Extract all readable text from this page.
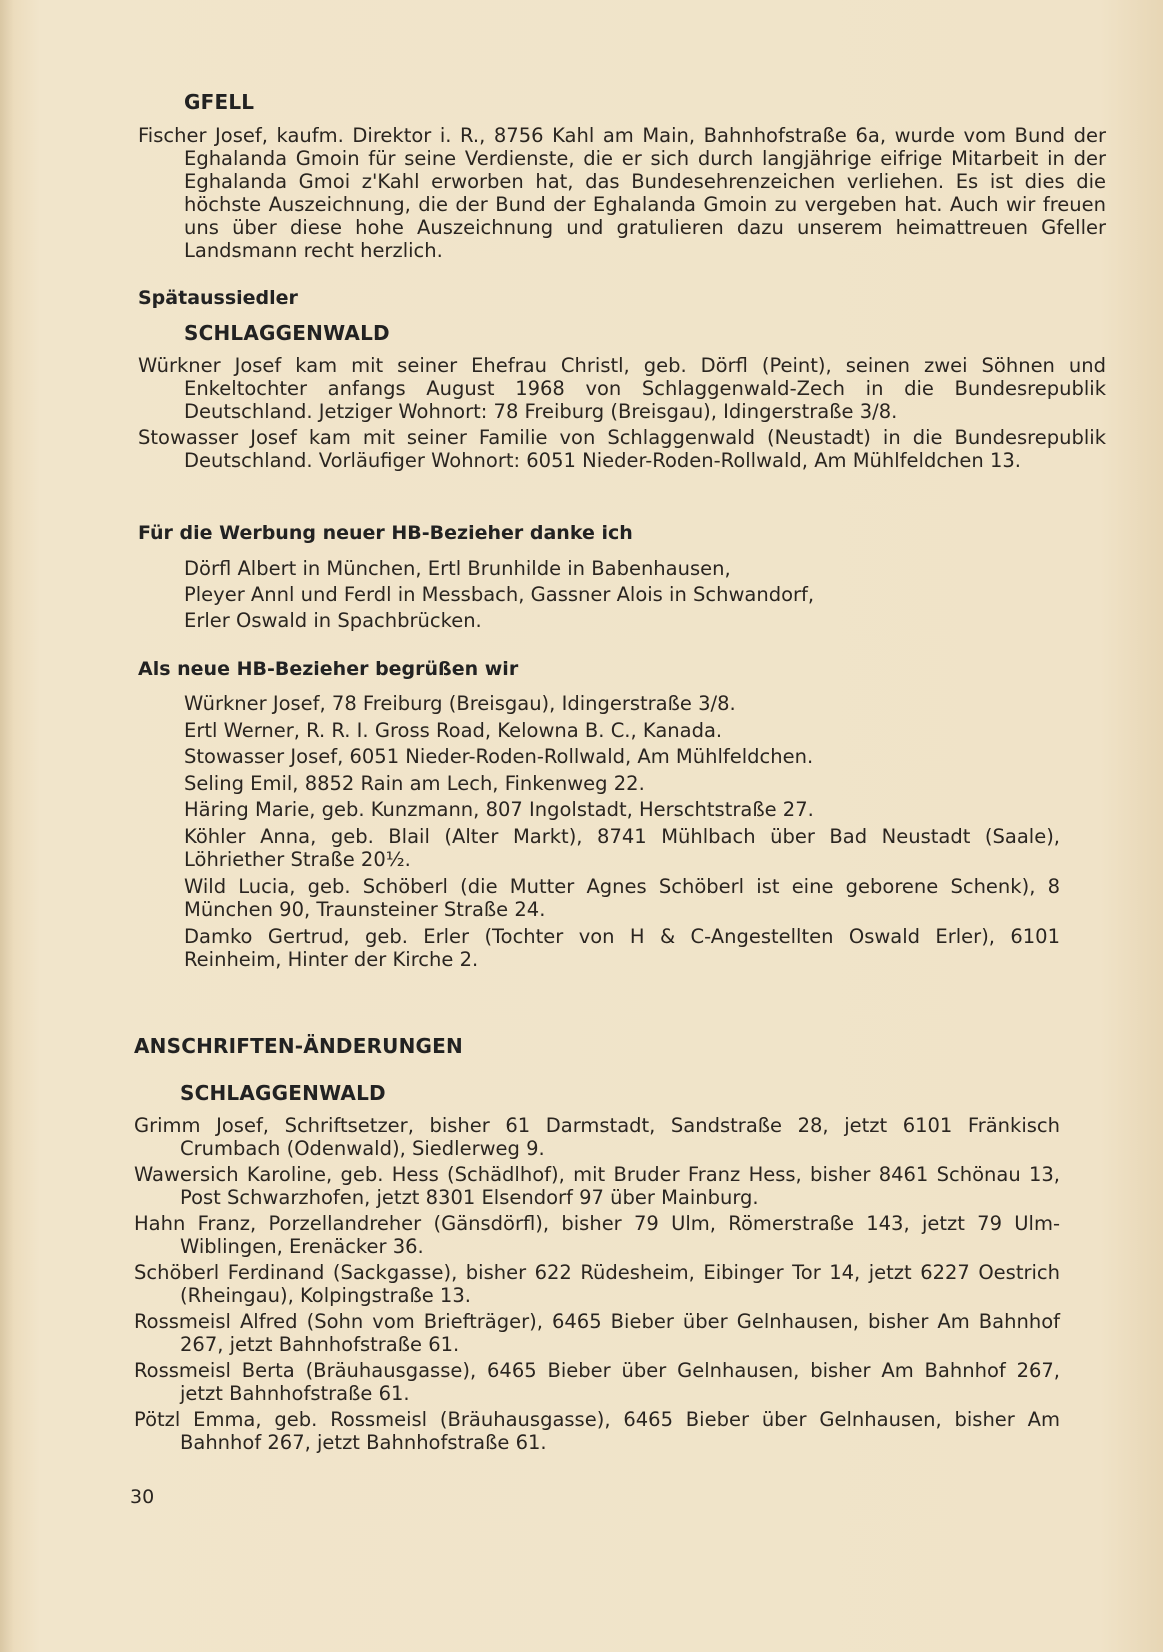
GFELL

Fischer Josef, kaufm. Direktor i. R., 8756 Kahl am Main, Bahnhofstraße 6a, wurde vom Bund der Eghalanda Gmoin für seine Verdienste, die er sich durch langjährige eifrige Mitarbeit in der Eghalanda Gmoi z'Kahl erworben hat, das Bundesehrenzeichen verliehen. Es ist dies die höchste Auszeichnung, die der Bund der Eghalanda Gmoin zu vergeben hat. Auch wir freuen uns über diese hohe Auszeichnung und gratulieren dazu unserem heimattreuen Gfeller Landsmann recht herzlich.

Spätaussiedler
SCHLAGGENWALD

Würkner Josef kam mit seiner Ehefrau Christl, geb. Dörfl (Peint), seinen zwei Söhnen und Enkeltochter anfangs August 1968 von Schlaggenwald-Zech in die Bundesrepublik Deutschland. Jetziger Wohnort: 78 Freiburg (Breisgau), Idingerstraße 3/8.

Stowasser Josef kam mit seiner Familie von Schlaggenwald (Neustadt) in die Bundesrepublik Deutschland. Vorläufiger Wohnort: 6051 Nieder-Roden-Rollwald, Am Mühlfeldchen 13.

Für die Werbung neuer HB-Bezieher danke ich
Dörfl Albert in München, Ertl Brunhilde in Babenhausen,
Pleyer Annl und Ferdl in Messbach, Gassner Alois in Schwandorf,
Erler Oswald in Spachbrücken.
Als neue HB-Bezieher begrüßen wir
Würkner Josef, 78 Freiburg (Breisgau), Idingerstraße 3/8.
Ertl Werner, R. R. I. Gross Road, Kelowna B. C., Kanada.
Stowasser Josef, 6051 Nieder-Roden-Rollwald, Am Mühlfeldchen.
Seling Emil, 8852 Rain am Lech, Finkenweg 22.
Häring Marie, geb. Kunzmann, 807 Ingolstadt, Herschtstraße 27.
Köhler Anna, geb. Blail (Alter Markt), 8741 Mühlbach über Bad Neustadt (Saale), Löhriether Straße 20½.
Wild Lucia, geb. Schöberl (die Mutter Agnes Schöberl ist eine geborene Schenk), 8 München 90, Traunsteiner Straße 24.
Damko Gertrud, geb. Erler (Tochter von H & C-Angestellten Oswald Erler), 6101 Reinheim, Hinter der Kirche 2.
ANSCHRIFTEN-ÄNDERUNGEN
SCHLAGGENWALD

Grimm Josef, Schriftsetzer, bisher 61 Darmstadt, Sandstraße 28, jetzt 6101 Fränkisch Crumbach (Odenwald), Siedlerweg 9.

Wawersich Karoline, geb. Hess (Schädlhof), mit Bruder Franz Hess, bisher 8461 Schönau 13, Post Schwarzhofen, jetzt 8301 Elsendorf 97 über Mainburg.

Hahn Franz, Porzellandreher (Gänsdörfl), bisher 79 Ulm, Römerstraße 143, jetzt 79 Ulm-Wiblingen, Erenäcker 36.

Schöberl Ferdinand (Sackgasse), bisher 622 Rüdesheim, Eibinger Tor 14, jetzt 6227 Oestrich (Rheingau), Kolpingstraße 13.

Rossmeisl Alfred (Sohn vom Briefträger), 6465 Bieber über Gelnhausen, bisher Am Bahnhof 267, jetzt Bahnhofstraße 61.

Rossmeisl Berta (Bräuhausgasse), 6465 Bieber über Gelnhausen, bisher Am Bahnhof 267, jetzt Bahnhofstraße 61.

Pötzl Emma, geb. Rossmeisl (Bräuhausgasse), 6465 Bieber über Gelnhausen, bisher Am Bahnhof 267, jetzt Bahnhofstraße 61.

30
